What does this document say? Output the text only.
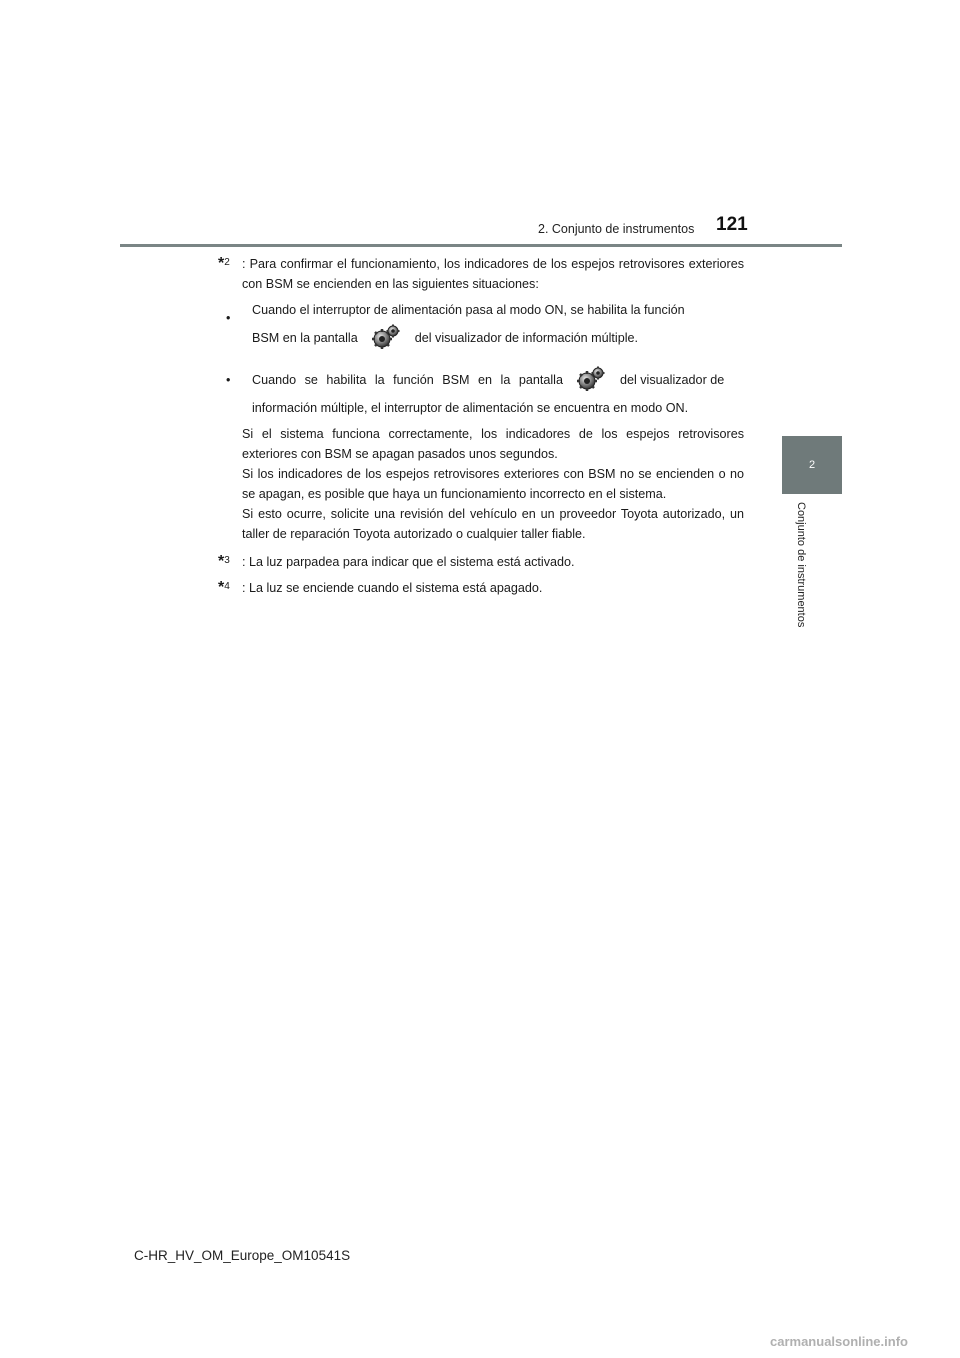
2. Conjunto de instrumentos 121
2
Conjunto de instrumentos
*$^2$ : Para confirmar el funcionamiento, los indicadores de los espejos retrovisores exteriores con BSM se encienden en las siguientes situaciones:
•
Cuando el interruptor de alimentación pasa al modo ON, se habilita la función
BSM en la pantalla	del visualizador de información múltiple.
• Cuando se habilita la función BSM en la pantalla	del visualizador de
información múltiple, el interruptor de alimentación se encuentra en modo ON.

Si el sistema funciona correctamente, los indicadores de los espejos retrovisores exteriores con BSM se apagan pasados unos segundos.

Si los indicadores de los espejos retrovisores exteriores con BSM no se encienden o no se apagan, es posible que haya un funcionamiento incorrecto en el sistema.

Si esto ocurre, solicite una revisión del vehículo en un proveedor Toyota autorizado, un taller de reparación Toyota autorizado o cualquier taller fiable.

*$^3$ : La luz parpadea para indicar que el sistema está activado.
*$^4$ : La luz se enciende cuando el sistema está apagado.
C-HR_HV_OM_Europe_OM10541S
carmanualsonline.info
